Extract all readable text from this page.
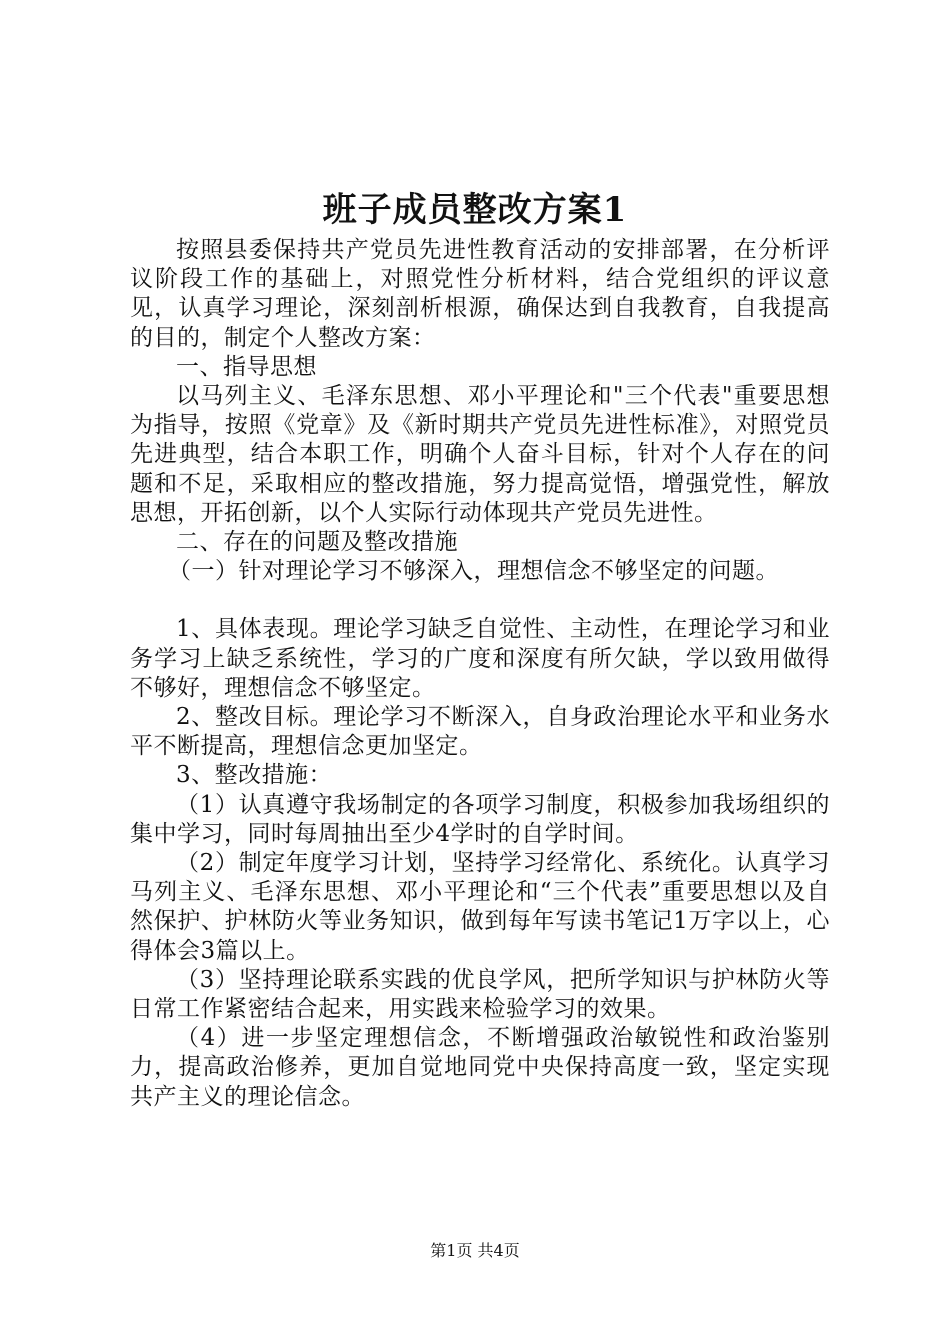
班子成员整改方案1

按照县委保持共产党员先进性教育活动的安排部署，在分析评议阶段工作的基础上，对照党性分析材料，结合党组织的评议意见，认真学习理论，深刻剖析根源，确保达到自我教育，自我提高的目的，制定个人整改方案：

一、指导思想

以马列主义、毛泽东思想、邓小平理论和"三个代表"重要思想为指导，按照《党章》及《新时期共产党员先进性标准》，对照党员先进典型，结合本职工作，明确个人奋斗目标，针对个人存在的问题和不足，采取相应的整改措施，努力提高觉悟，增强党性，解放思想，开拓创新，以个人实际行动体现共产党员先进性。

二、存在的问题及整改措施

（一）针对理论学习不够深入，理想信念不够坚定的问题。

1、具体表现。理论学习缺乏自觉性、主动性，在理论学习和业务学习上缺乏系统性，学习的广度和深度有所欠缺，学以致用做得不够好，理想信念不够坚定。

2、整改目标。理论学习不断深入，自身政治理论水平和业务水平不断提高，理想信念更加坚定。

3、整改措施：

（1）认真遵守我场制定的各项学习制度，积极参加我场组织的集中学习，同时每周抽出至少4学时的自学时间。

（2）制定年度学习计划，坚持学习经常化、系统化。认真学习马列主义、毛泽东思想、邓小平理论和“三个代表”重要思想以及自然保护、护林防火等业务知识，做到每年写读书笔记1万字以上，心得体会3篇以上。

（3）坚持理论联系实践的优良学风，把所学知识与护林防火等日常工作紧密结合起来，用实践来检验学习的效果。

（4）进一步坚定理想信念，不断增强政治敏锐性和政治鉴别力，提高政治修养，更加自觉地同党中央保持高度一致，坚定实现共产主义的理论信念。

第1页 共4页
